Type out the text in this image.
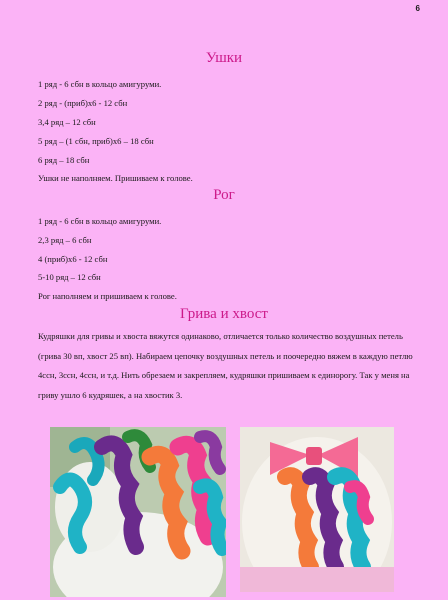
6
Ушки
1 ряд - 6 сбн в кольцо амигуруми.
2 ряд - (приб)х6 - 12 сбн
3,4 ряд – 12 сбн
5 ряд – (1 сбн, приб)х6 – 18 сбн
6 ряд – 18 сбн
Ушки не наполняем. Пришиваем к голове.
Рог
1 ряд - 6 сбн в кольцо амигуруми.
2,3 ряд – 6 сбн
4 (приб)х6 - 12 сбн
5-10 ряд – 12 сбн
Рог наполняем и пришиваем к голове.
Грива и хвост
Кудряшки для гривы и хвоста вяжутся одинаково, отличается только количество воздушных петель (грива 30 вп, хвост 25 вп). Набираем цепочку воздушных петель и поочередно вяжем в каждую петлю 4ссн, 3ссн, 4ссн, и т.д. Нить обрезаем и закрепляем, кудряшки пришиваем к единорогу. Так у меня на гриву ушло 6 кудряшек, а на хвостик 3.
